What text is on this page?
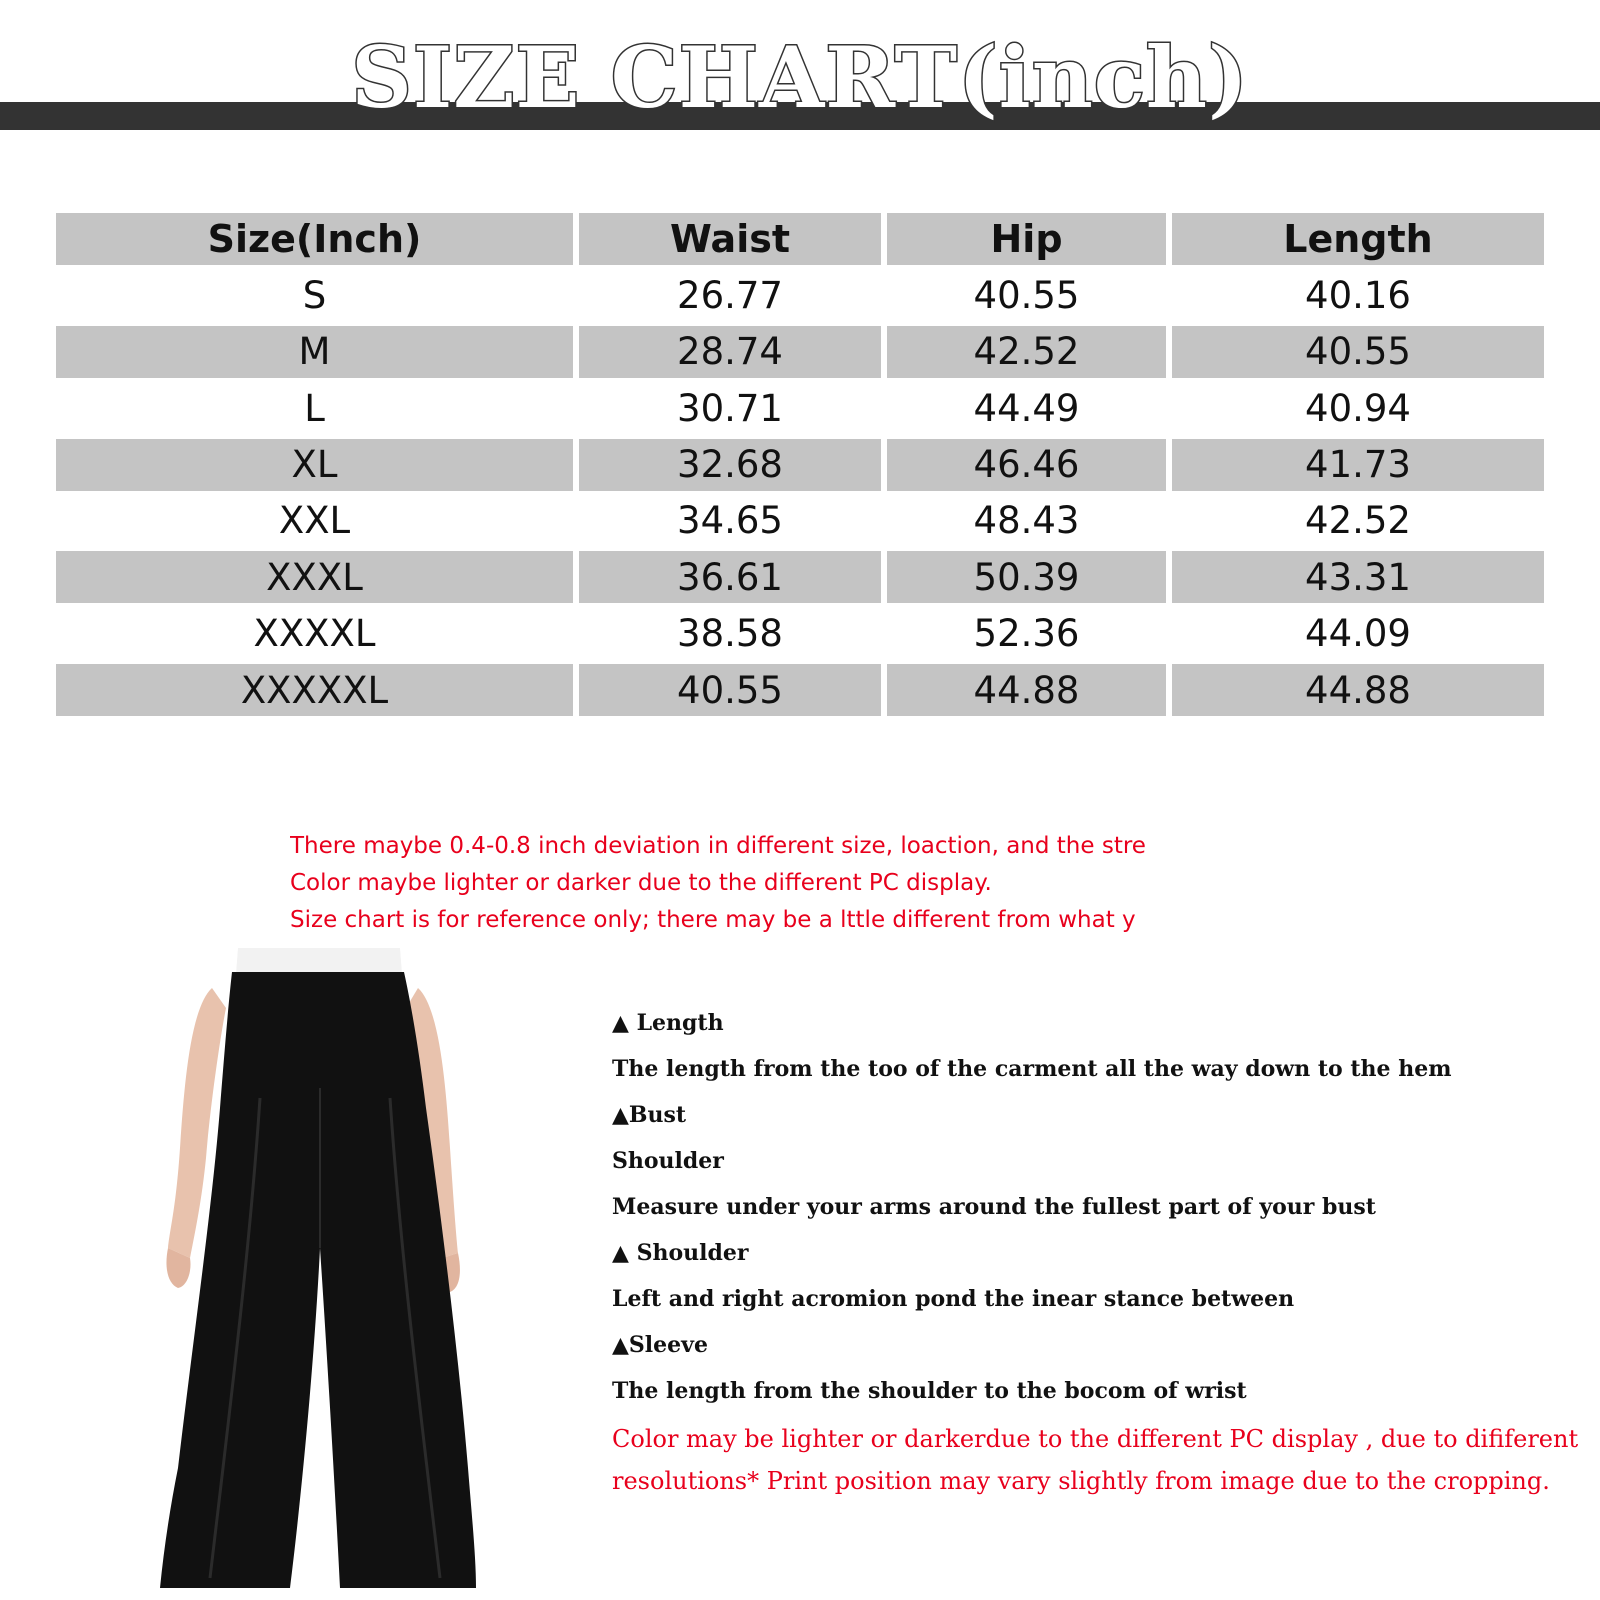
SIZE CHART(inch)
Size(Inch)	Waist	Hip	Length
S	26.77	40.55	40.16
M	28.74	42.52	40.55
L	30.71	44.49	40.94
XL	32.68	46.46	41.73
XXL	34.65	48.43	42.52
XXXL	36.61	50.39	43.31
XXXXL	38.58	52.36	44.09
XXXXXL	40.55	44.88	44.88
There maybe 0.4-0.8 inch deviation in different size, loaction, and the stre
Color maybe lighter or darker due to the different PC display.
Size chart is for reference only; there may be a lttle different from what y
▲ Length
The length from the too of the carment all the way down to the hem
▲Bust
Shoulder
Measure under your arms around the fullest part of your bust
▲ Shoulder
Left and right acromion pond the inear stance between
▲Sleeve
The length from the shoulder to the bocom of wrist
Color may be lighter or darkerdue to the different PC display , due to dififerent
resolutions* Print position may vary slightly from image due to the cropping.
